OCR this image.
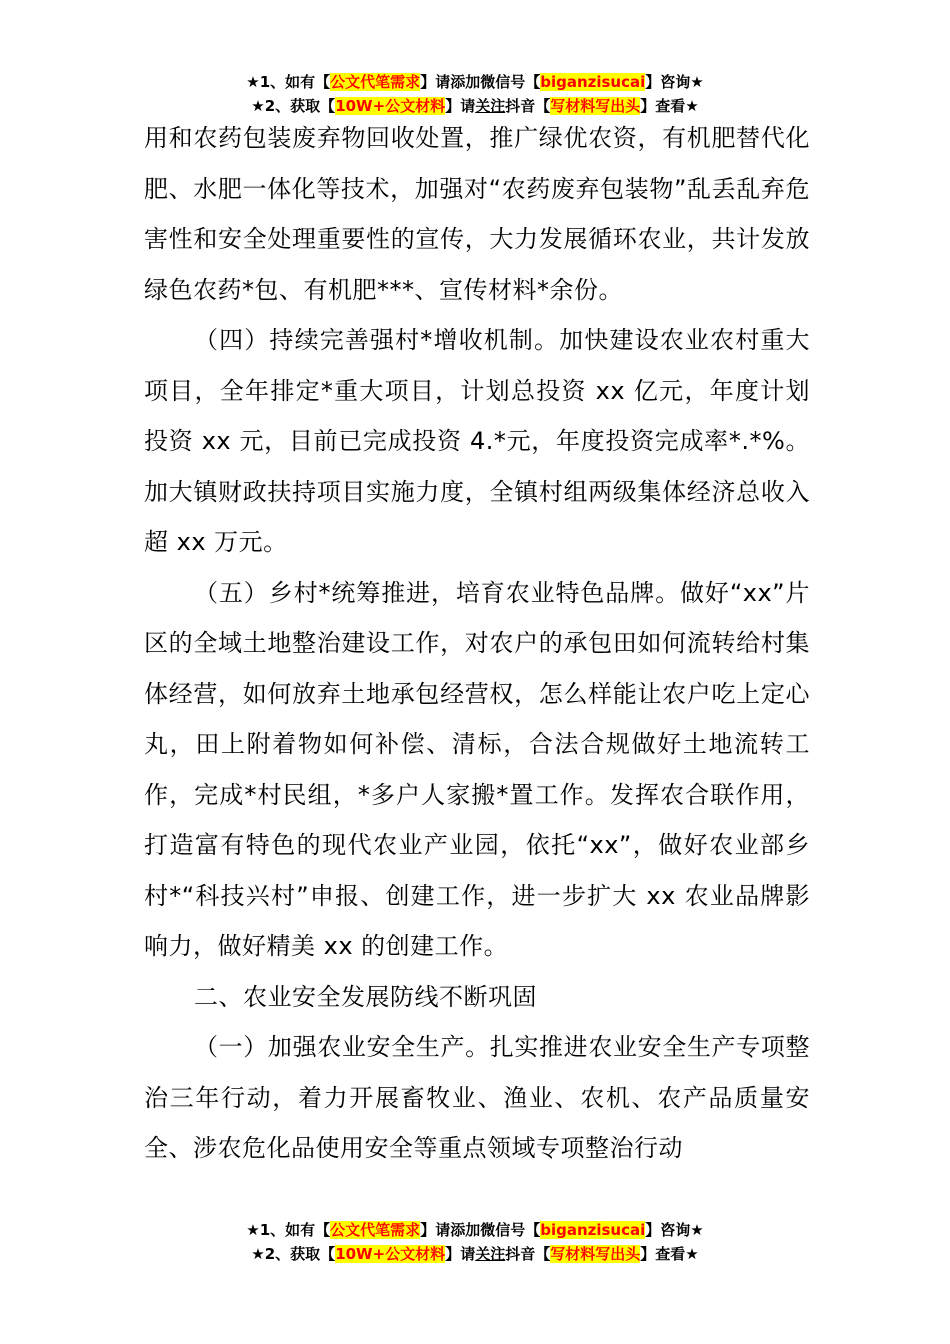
★1、如有【公文代笔需求】请添加微信号【biganzisucai】咨询★
★2、获取【10W+公文材料】请关注抖音【写材料写出头】查看★

用和农药包装废弃物回收处置，推广绿优农资，有机肥替代化肥、水肥一体化等技术，加强对“农药废弃包装物”乱丢乱弃危害性和安全处理重要性的宣传，大力发展循环农业，共计发放绿色农药*包、有机肥***、宣传材料*余份。

（四）持续完善强村*增收机制。加快建设农业农村重大项目，全年排定*重大项目，计划总投资 xx 亿元，年度计划投资 xx 元，目前已完成投资 4.*元，年度投资完成率*.*%。加大镇财政扶持项目实施力度，全镇村组两级集体经济总收入超 xx 万元。

（五）乡村*统筹推进，培育农业特色品牌。做好“xx”片区的全域土地整治建设工作，对农户的承包田如何流转给村集体经营，如何放弃土地承包经营权，怎么样能让农户吃上定心丸，田上附着物如何补偿、清标，合法合规做好土地流转工作，完成*村民组，*多户人家搬*置工作。发挥农合联作用，打造富有特色的现代农业产业园，依托“xx”，做好农业部乡村*“科技兴村”申报、创建工作，进一步扩大 xx 农业品牌影响力，做好精美 xx 的创建工作。

二、农业安全发展防线不断巩固

（一）加强农业安全生产。扎实推进农业安全生产专项整治三年行动，着力开展畜牧业、渔业、农机、农产品质量安全、涉农危化品使用安全等重点领域专项整治行动

★1、如有【公文代笔需求】请添加微信号【biganzisucai】咨询★
★2、获取【10W+公文材料】请关注抖音【写材料写出头】查看★
